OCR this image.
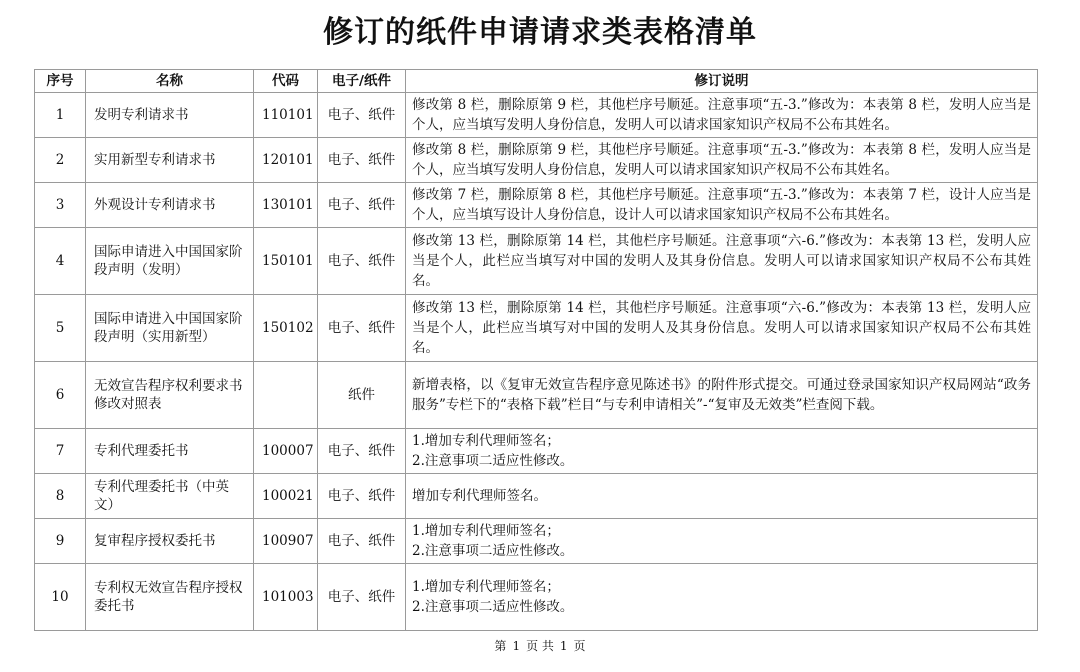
修订的纸件申请请求类表格清单
序号	名称	代码	电子/纸件	修订说明
1	发明专利请求书	110101	电子、纸件	修改第 8 栏，删除原第 9 栏，其他栏序号顺延。注意事项“五-3.”修改为：本表第 8 栏，发明人应当是个人，应当填写发明人身份信息，发明人可以请求国家知识产权局不公布其姓名。
2	实用新型专利请求书	120101	电子、纸件	修改第 8 栏，删除原第 9 栏，其他栏序号顺延。注意事项“五-3.”修改为：本表第 8 栏，发明人应当是个人，应当填写发明人身份信息，发明人可以请求国家知识产权局不公布其姓名。
3	外观设计专利请求书	130101	电子、纸件	修改第 7 栏，删除原第 8 栏，其他栏序号顺延。注意事项“五-3.”修改为：本表第 7 栏，设计人应当是个人，应当填写设计人身份信息，设计人可以请求国家知识产权局不公布其姓名。
4	国际申请进入中国国家阶段声明（发明）	150101	电子、纸件	修改第 13 栏，删除原第 14 栏，其他栏序号顺延。注意事项“六-6.”修改为：本表第 13 栏，发明人应当是个人，此栏应当填写对中国的发明人及其身份信息。发明人可以请求国家知识产权局不公布其姓名。
5	国际申请进入中国国家阶段声明（实用新型）	150102	电子、纸件	修改第 13 栏，删除原第 14 栏，其他栏序号顺延。注意事项“六-6.”修改为：本表第 13 栏，发明人应当是个人，此栏应当填写对中国的发明人及其身份信息。发明人可以请求国家知识产权局不公布其姓名。
6	无效宣告程序权利要求书修改对照表		纸件	新增表格，以《复审无效宣告程序意见陈述书》的附件形式提交。可通过登录国家知识产权局网站“政务服务”专栏下的“表格下载”栏目“与专利申请相关”-“复审及无效类”栏查阅下载。
7	专利代理委托书	100007	电子、纸件	1.增加专利代理师签名；
2.注意事项二适应性修改。
8	专利代理委托书（中英文）	100021	电子、纸件	增加专利代理师签名。
9	复审程序授权委托书	100907	电子、纸件	1.增加专利代理师签名；
2.注意事项二适应性修改。
10	专利权无效宣告程序授权委托书	101003	电子、纸件	1.增加专利代理师签名；
2.注意事项二适应性修改。
第 1 页 共 1 页
